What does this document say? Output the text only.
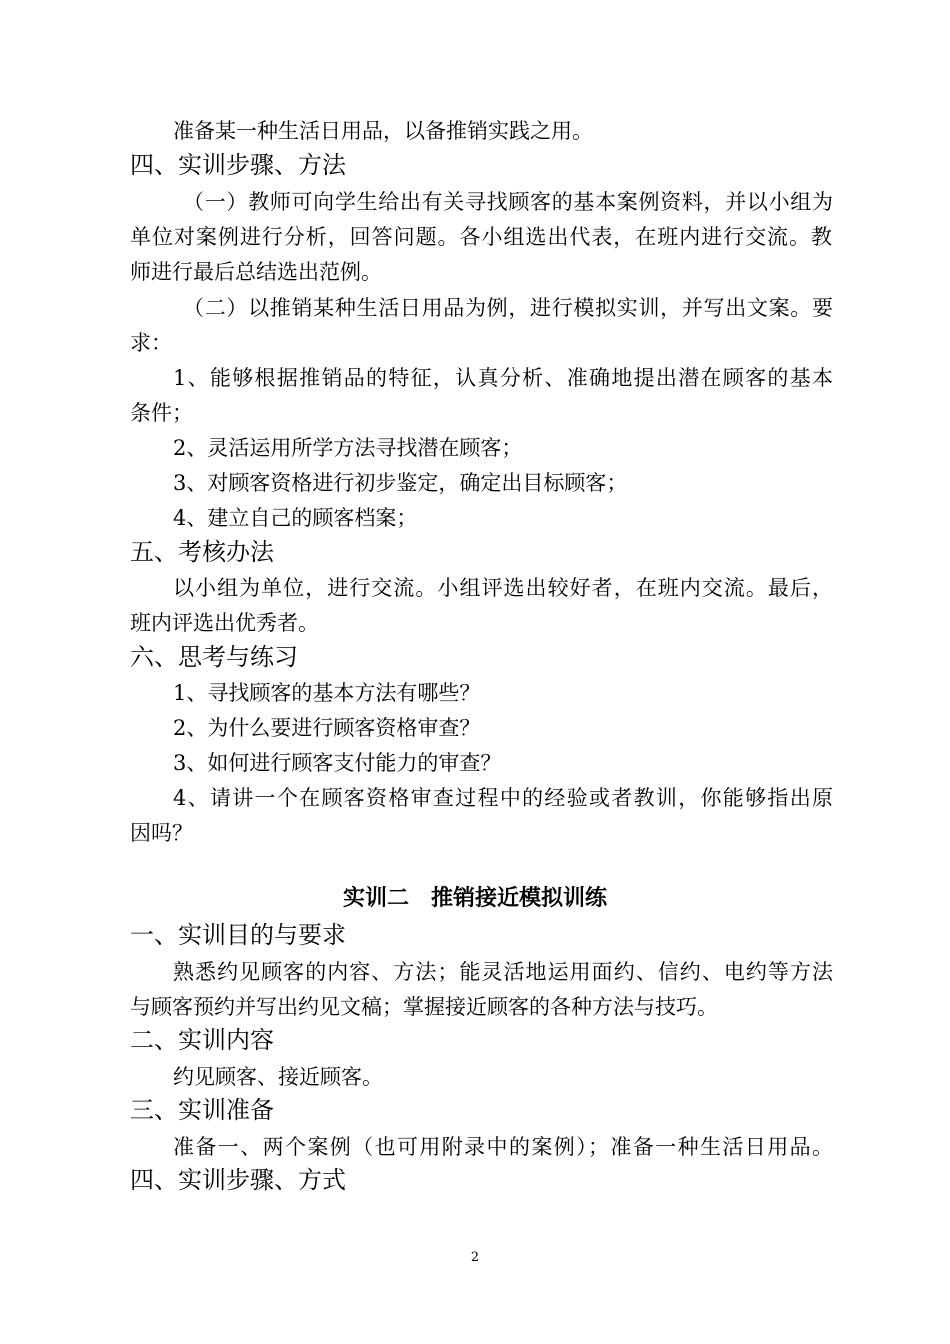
准备某一种生活日用品，以备推销实践之用。
四、实训步骤、方法
（一）教师可向学生给出有关寻找顾客的基本案例资料，并以小组为
单位对案例进行分析，回答问题。各小组选出代表，在班内进行交流。教
师进行最后总结选出范例。
（二）以推销某种生活日用品为例，进行模拟实训，并写出文案。要
求：
1、能够根据推销品的特征，认真分析、准确地提出潜在顾客的基本
条件；
2、灵活运用所学方法寻找潜在顾客；
3、对顾客资格进行初步鉴定，确定出目标顾客；
4、建立自己的顾客档案；
五、考核办法
以小组为单位，进行交流。小组评选出较好者，在班内交流。最后，
班内评选出优秀者。
六、思考与练习
1、寻找顾客的基本方法有哪些？
2、为什么要进行顾客资格审查？
3、如何进行顾客支付能力的审查？
4、请讲一个在顾客资格审查过程中的经验或者教训，你能够指出原
因吗？
实训二　推销接近模拟训练
一、实训目的与要求
熟悉约见顾客的内容、方法；能灵活地运用面约、信约、电约等方法
与顾客预约并写出约见文稿；掌握接近顾客的各种方法与技巧。
二、实训内容
约见顾客、接近顾客。
三、实训准备
准备一、两个案例（也可用附录中的案例）；准备一种生活日用品。
四、实训步骤、方式
2
